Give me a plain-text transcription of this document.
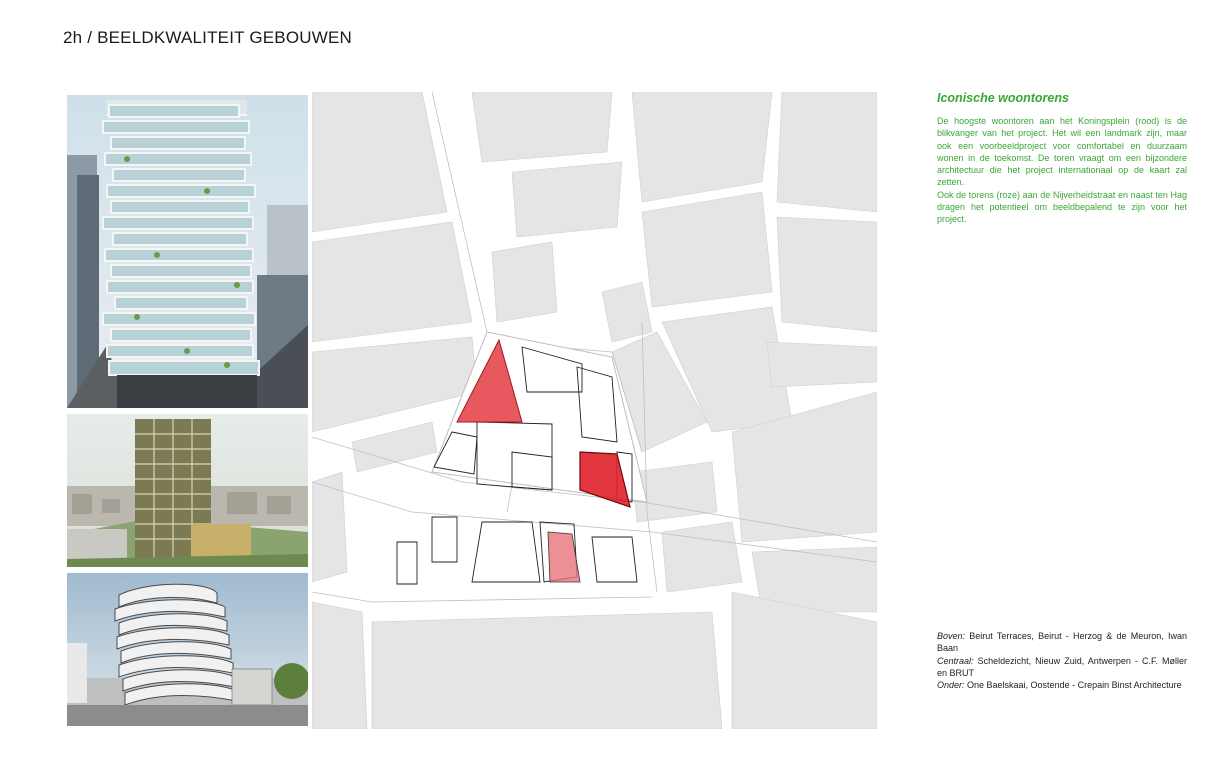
2h / BEELDKWALITEIT GEBOUWEN
Iconische woontorens

De hoogste woontoren aan het Koningsplein (rood) is de blikvanger van het project. Het wil een landmark zijn, maar ook een voorbeeldproject voor comfortabel en duurzaam wonen in de toekomst. De toren vraagt om een bijzondere architectuur die het project internationaal op de kaart zal zetten.

Ook de torens (roze) aan de Nijverheidstraat en naast ten Hag dragen het potentieel om beeldbepalend te zijn voor het project.

Boven: Beirut Terraces, Beirut - Herzog & de Meuron, Iwan Baan

Centraal: Scheldezicht, Nieuw Zuid, Antwerpen - C.F. Møller en BRUT

Onder: One Baelskaai, Oostende - Crepain Binst Architecture
